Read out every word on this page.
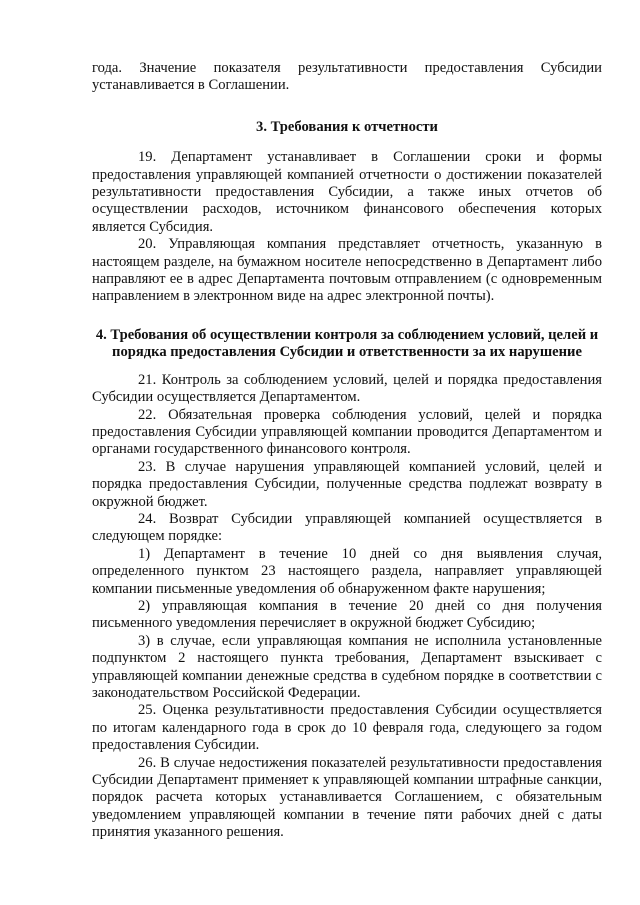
года. Значение показателя результативности предоставления Субсидии устанавливается в Соглашении.

3. Требования к отчетности

19. Департамент устанавливает в Соглашении сроки и формы предоставления управляющей компанией отчетности о достижении показателей результативности предоставления Субсидии, а также иных отчетов об осуществлении расходов, источником финансового обеспечения которых является Субсидия.

20. Управляющая компания представляет отчетность, указанную в настоящем разделе, на бумажном носителе непосредственно в Департамент либо направляют ее в адрес Департамента почтовым отправлением (с одновременным направлением в электронном виде на адрес электронной почты).

4. Требования об осуществлении контроля за соблюдением условий, целей и порядка предоставления Субсидии и ответственности за их нарушение

21. Контроль за соблюдением условий, целей и порядка предоставления Субсидии осуществляется Департаментом.

22. Обязательная проверка соблюдения условий, целей и порядка предоставления Субсидии управляющей компании проводится Департаментом и органами государственного финансового контроля.

23. В случае нарушения управляющей компанией условий, целей и порядка предоставления Субсидии, полученные средства подлежат возврату в окружной бюджет.

24. Возврат Субсидии управляющей компанией осуществляется в следующем порядке:

1) Департамент в течение 10 дней со дня выявления случая, определенного пунктом 23 настоящего раздела, направляет управляющей компании письменные уведомления об обнаруженном факте нарушения;

2) управляющая компания в течение 20 дней со дня получения письменного уведомления перечисляет в окружной бюджет Субсидию;

3) в случае, если управляющая компания не исполнила установленные подпунктом 2 настоящего пункта требования, Департамент взыскивает с управляющей компании денежные средства в судебном порядке в соответствии с законодательством Российской Федерации.

25. Оценка результативности предоставления Субсидии осуществляется по итогам календарного года в срок до 10 февраля года, следующего за годом предоставления Субсидии.

26. В случае недостижения показателей результативности предоставления Субсидии Департамент применяет к управляющей компании штрафные санкции, порядок расчета которых устанавливается Соглашением, с обязательным уведомлением управляющей компании в течение пяти рабочих дней с даты принятия указанного решения.
